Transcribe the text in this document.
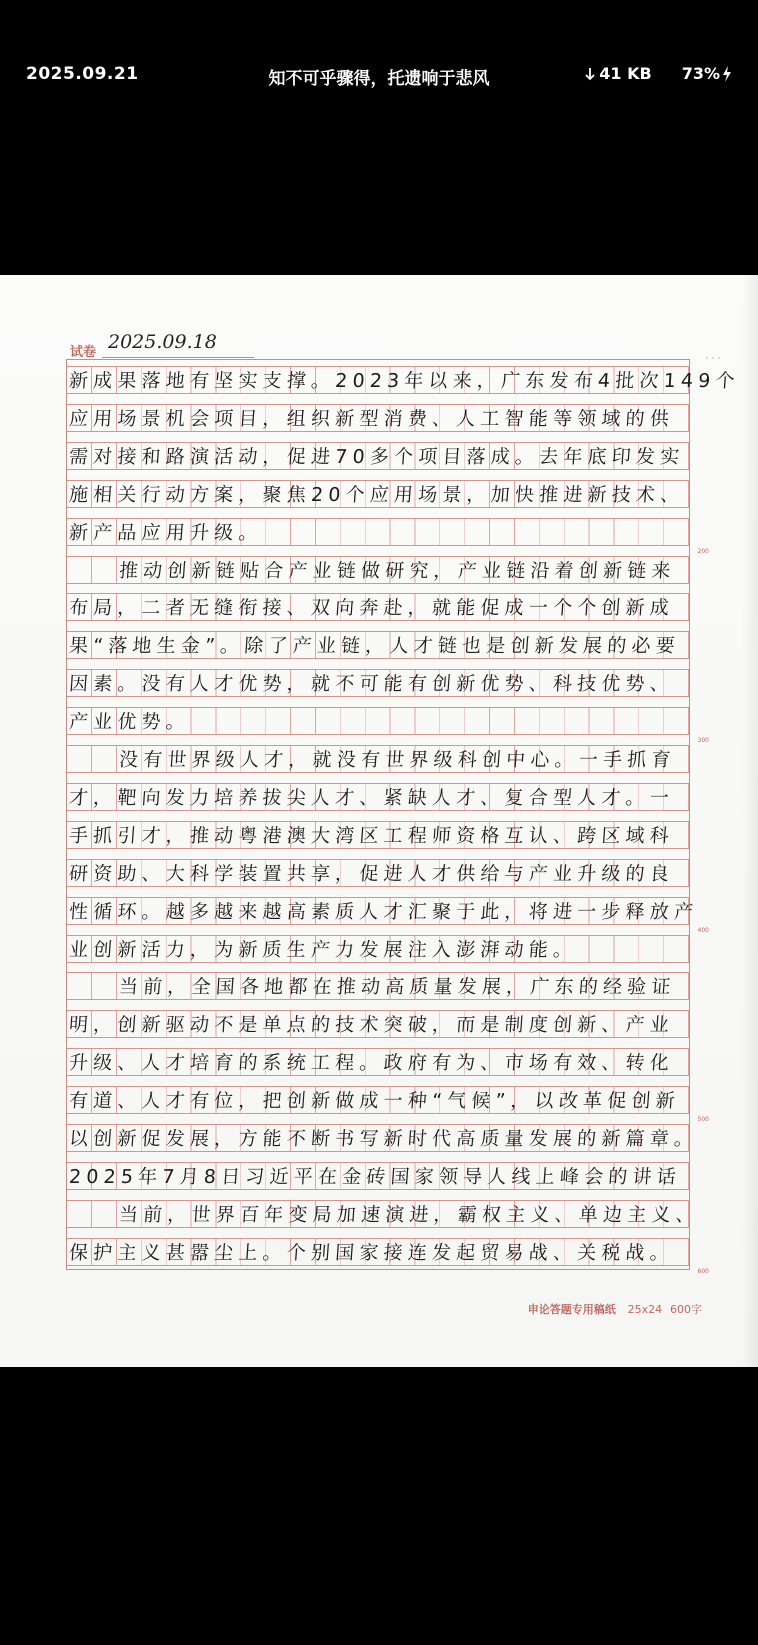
2025.09.21	知不可乎骤得，托遗响于悲风	41 KB 73%
…
试卷 2025.09.18
新成果落地有坚实支撑。2023年以来，广东发布4批次149个
应用场景机会项目，组织新型消费、人工智能等领域的供
需对接和路演活动，促进70多个项目落成。去年底印发实
施相关行动方案，聚焦20个应用场景，加快推进新技术、
新产品应用升级。
200
推动创新链贴合产业链做研究，产业链沿着创新链来
布局，二者无缝衔接、双向奔赴，就能促成一个个创新成
果“落地生金”。除了产业链，人才链也是创新发展的必要
因素。没有人才优势，就不可能有创新优势、科技优势、
产业优势。
300
没有世界级人才，就没有世界级科创中心。一手抓育
才，靶向发力培养拔尖人才、紧缺人才、复合型人才。一
手抓引才，推动粤港澳大湾区工程师资格互认、跨区域科
研资助、大科学装置共享，促进人才供给与产业升级的良
性循环。越多越来越高素质人才汇聚于此，将进一步释放产
400
业创新活力，为新质生产力发展注入澎湃动能。
当前，全国各地都在推动高质量发展，广东的经验证
明，创新驱动不是单点的技术突破，而是制度创新、产业
升级、人才培育的系统工程。政府有为、市场有效、转化
有道、人才有位，把创新做成一种“气候”，以改革促创新
500
以创新促发展，方能不断书写新时代高质量发展的新篇章。
2025年7月8日习近平在金砖国家领导人线上峰会的讲话
当前，世界百年变局加速演进，霸权主义、单边主义、
保护主义甚嚣尘上。个别国家接连发起贸易战、关税战。
600
申论答题专用稿纸 25x24 600字
